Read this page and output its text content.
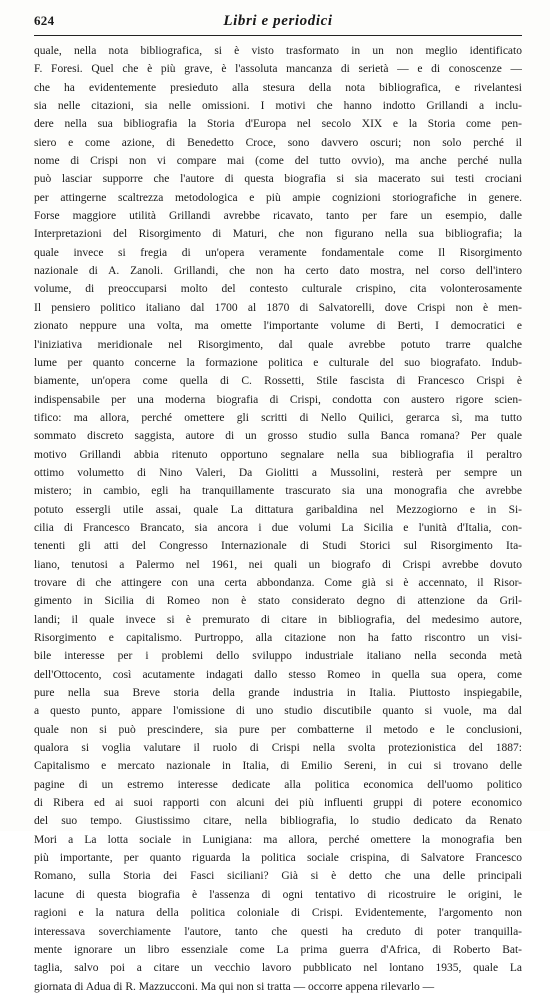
624	Libri e periodici
quale, nella nota bibliografica, si è visto trasformato in un non meglio identificato
F. Foresi. Quel che è più grave, è l'assoluta mancanza di serietà — e di conoscenze —
che ha evidentemente presieduto alla stesura della nota bibliografica, e rivelantesi
sia nelle citazioni, sia nelle omissioni. I motivi che hanno indotto Grillandi a inclu-
dere nella sua bibliografia la Storia d'Europa nel secolo XIX e la Storia come pen-
siero e come azione, di Benedetto Croce, sono davvero oscuri; non solo perché il
nome di Crispi non vi compare mai (come del tutto ovvio), ma anche perché nulla
può lasciar supporre che l'autore di questa biografia si sia macerato sui testi crociani
per attingerne scaltrezza metodologica e più ampie cognizioni storiografiche in genere.
Forse maggiore utilità Grillandi avrebbe ricavato, tanto per fare un esempio, dalle
Interpretazioni del Risorgimento di Maturi, che non figurano nella sua bibliografia; la
quale invece si fregia di un'opera veramente fondamentale come Il Risorgimento
nazionale di A. Zanoli. Grillandi, che non ha certo dato mostra, nel corso dell'intero
volume, di preoccuparsi molto del contesto culturale crispino, cita volonterosamente
Il pensiero politico italiano dal 1700 al 1870 di Salvatorelli, dove Crispi non è men-
zionato neppure una volta, ma omette l'importante volume di Berti, I democratici e
l'iniziativa meridionale nel Risorgimento, dal quale avrebbe potuto trarre qualche
lume per quanto concerne la formazione politica e culturale del suo biografato. Indub-
biamente, un'opera come quella di C. Rossetti, Stile fascista di Francesco Crispi è
indispensabile per una moderna biografia di Crispi, condotta con austero rigore scien-
tifico: ma allora, perché omettere gli scritti di Nello Quilici, gerarca sì, ma tutto
sommato discreto saggista, autore di un grosso studio sulla Banca romana? Per quale
motivo Grillandi abbia ritenuto opportuno segnalare nella sua bibliografia il peraltro
ottimo volumetto di Nino Valeri, Da Giolitti a Mussolini, resterà per sempre un
mistero; in cambio, egli ha tranquillamente trascurato sia una monografia che avrebbe
potuto essergli utile assai, quale La dittatura garibaldina nel Mezzogiorno e in Si-
cilia di Francesco Brancato, sia ancora i due volumi La Sicilia e l'unità d'Italia, con-
tenenti gli atti del Congresso Internazionale di Studi Storici sul Risorgimento Ita-
liano, tenutosi a Palermo nel 1961, nei quali un biografo di Crispi avrebbe dovuto
trovare di che attingere con una certa abbondanza. Come già si è accennato, il Risor-
gimento in Sicilia di Romeo non è stato considerato degno di attenzione da Gril-
landi; il quale invece si è premurato di citare in bibliografia, del medesimo autore,
Risorgimento e capitalismo. Purtroppo, alla citazione non ha fatto riscontro un visi-
bile interesse per i problemi dello sviluppo industriale italiano nella seconda metà
dell'Ottocento, così acutamente indagati dallo stesso Romeo in quella sua opera, come
pure nella sua Breve storia della grande industria in Italia. Piuttosto inspiegabile,
a questo punto, appare l'omissione di uno studio discutibile quanto si vuole, ma dal
quale non si può prescindere, sia pure per combatterne il metodo e le conclusioni,
qualora si voglia valutare il ruolo di Crispi nella svolta protezionistica del 1887:
Capitalismo e mercato nazionale in Italia, di Emilio Sereni, in cui si trovano delle
pagine di un estremo interesse dedicate alla politica economica dell'uomo politico
di Ribera ed ai suoi rapporti con alcuni dei più influenti gruppi di potere economico
del suo tempo. Giustissimo citare, nella bibliografia, lo studio dedicato da Renato
Mori a La lotta sociale in Lunigiana: ma allora, perché omettere la monografia ben
più importante, per quanto riguarda la politica sociale crispina, di Salvatore Francesco
Romano, sulla Storia dei Fasci siciliani? Già si è detto che una delle principali
lacune di questa biografia è l'assenza di ogni tentativo di ricostruire le origini, le
ragioni e la natura della politica coloniale di Crispi. Evidentemente, l'argomento non
interessava soverchiamente l'autore, tanto che questi ha creduto di poter tranquilla-
mente ignorare un libro essenziale come La prima guerra d'Africa, di Roberto Bat-
taglia, salvo poi a citare un vecchio lavoro pubblicato nel lontano 1935, quale La
giornata di Adua di R. Mazzucconi. Ma qui non si tratta — occorre appena rilevarlo —
